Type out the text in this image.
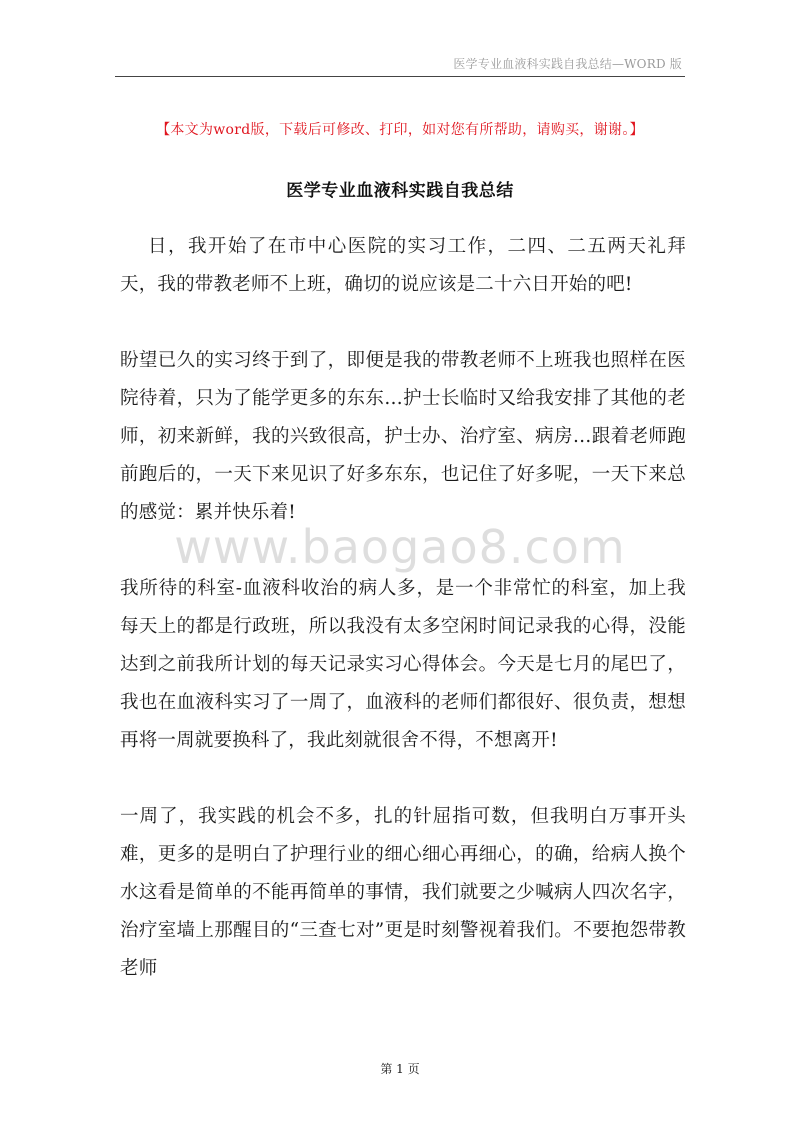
医学专业血液科实践自我总结—WORD 版
【本文为word版，下载后可修改、打印，如对您有所帮助，请购买，谢谢。】
医学专业血液科实践自我总结

日，我开始了在市中心医院的实习工作，二四、二五两天礼拜天，我的带教老师不上班，确切的说应该是二十六日开始的吧!

盼望已久的实习终于到了，即便是我的带教老师不上班我也照样在医院待着，只为了能学更多的东东…护士长临时又给我安排了其他的老师，初来新鲜，我的兴致很高，护士办、治疗室、病房…跟着老师跑前跑后的，一天下来见识了好多东东，也记住了好多呢，一天下来总的感觉：累并快乐着!

我所待的科室-血液科收治的病人多，是一个非常忙的科室，加上我每天上的都是行政班，所以我没有太多空闲时间记录我的心得，没能达到之前我所计划的每天记录实习心得体会。今天是七月的尾巴了，我也在血液科实习了一周了，血液科的老师们都很好、很负责，想想再将一周就要换科了，我此刻就很舍不得，不想离开!

一周了，我实践的机会不多，扎的针屈指可数，但我明白万事开头难，更多的是明白了护理行业的细心细心再细心，的确，给病人换个水这看是简单的不能再简单的事情，我们就要之少喊病人四次名字，治疗室墙上那醒目的“三查七对”更是时刻警视着我们。不要抱怨带教老师

www.baogao8.com
第 1 页
